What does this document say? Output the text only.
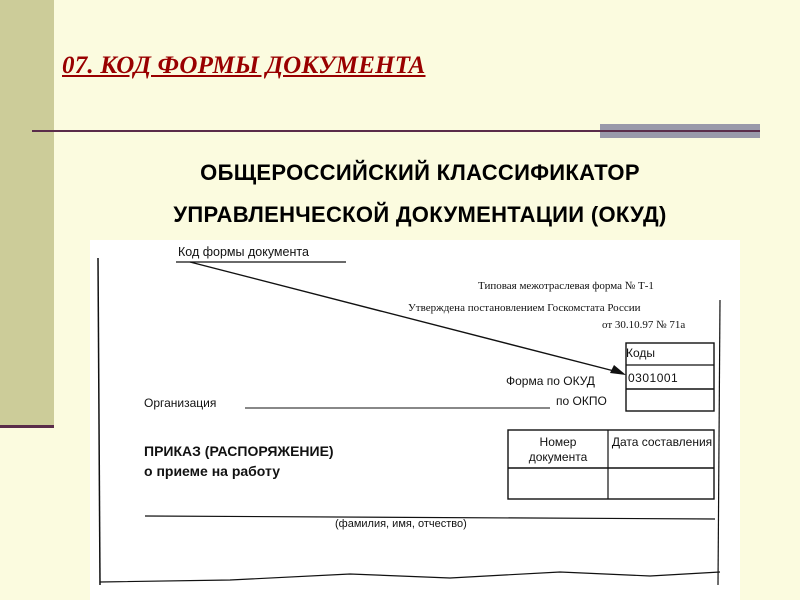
07. КОД ФОРМЫ ДОКУМЕНТА

ОБЩЕРОССИЙСКИЙ КЛАССИФИКАТОР

УПРАВЛЕНЧЕСКОЙ ДОКУМЕНТАЦИИ (ОКУД)

Код формы документа
Типовая межотраслевая форма № Т-1
Утверждена постановлением Госкомстата России
от 30.10.97 № 71а
Коды
0301001
Форма по ОКУД
по ОКПО
Организация
ПРИКАЗ (РАСПОРЯЖЕНИЕ)
о приеме на работу
Номер документа
Дата составления
(фамилия, имя, отчество)
